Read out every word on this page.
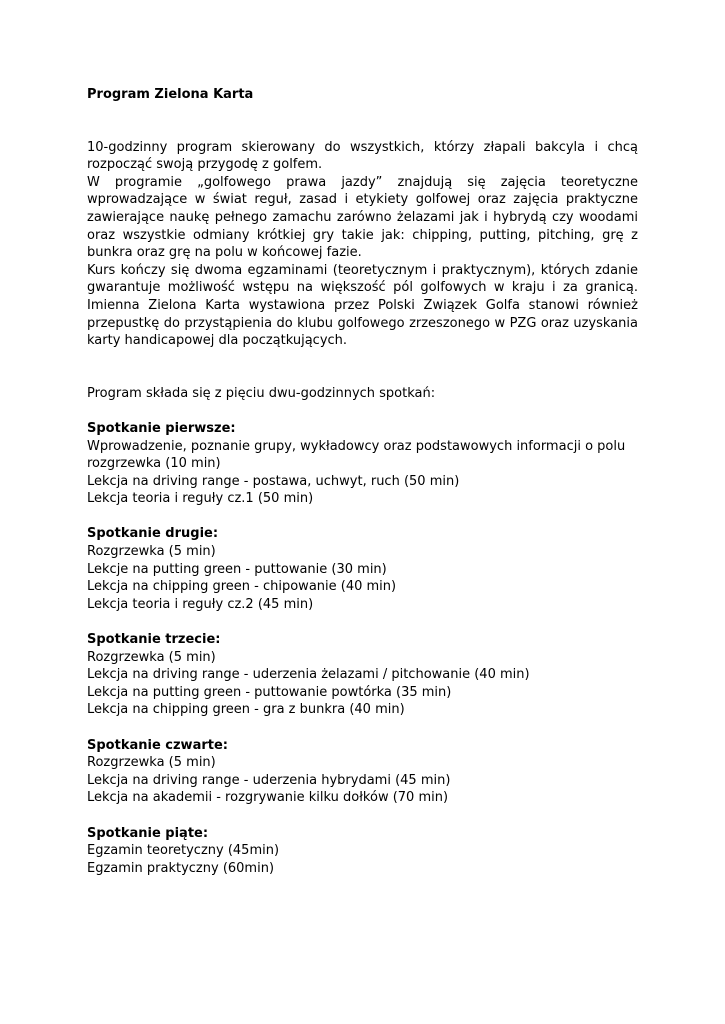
Program Zielona Karta

10-godzinny program skierowany do wszystkich, którzy złapali bakcyla i chcą rozpocząć swoją przygodę z golfem.

W programie „golfowego prawa jazdy” znajdują się zajęcia teoretyczne wprowadzające w świat reguł, zasad i etykiety golfowej oraz zajęcia praktyczne zawierające naukę pełnego zamachu zarówno żelazami jak i hybrydą czy woodami oraz wszystkie odmiany krótkiej gry takie jak: chipping, putting, pitching, grę z bunkra oraz grę na polu w końcowej fazie.

Kurs kończy się dwoma egzaminami (teoretycznym i praktycznym), których zdanie gwarantuje możliwość wstępu na większość pól golfowych w kraju i za granicą. Imienna Zielona Karta wystawiona przez Polski Związek Golfa stanowi również przepustkę do przystąpienia do klubu golfowego zrzeszonego w PZG oraz uzyskania karty handicapowej dla początkujących.

Program składa się z pięciu dwu-godzinnych spotkań:
Spotkanie pierwsze:
Wprowadzenie, poznanie grupy, wykładowcy oraz podstawowych informacji o polu
rozgrzewka (10 min)
Lekcja na driving range - postawa, uchwyt, ruch (50 min)
Lekcja teoria i reguły cz.1 (50 min)
Spotkanie drugie:
Rozgrzewka (5 min)
Lekcje na putting green - puttowanie (30 min)
Lekcja na chipping green - chipowanie (40 min)
Lekcja teoria i reguły cz.2 (45 min)
Spotkanie trzecie:
Rozgrzewka (5 min)
Lekcja na driving range - uderzenia żelazami / pitchowanie (40 min)
Lekcja na putting green - puttowanie powtórka (35 min)
Lekcja na chipping green - gra z bunkra (40 min)
Spotkanie czwarte:
Rozgrzewka (5 min)
Lekcja na driving range - uderzenia hybrydami (45 min)
Lekcja na akademii - rozgrywanie kilku dołków (70 min)
Spotkanie piąte:
Egzamin teoretyczny (45min)
Egzamin praktyczny (60min)
